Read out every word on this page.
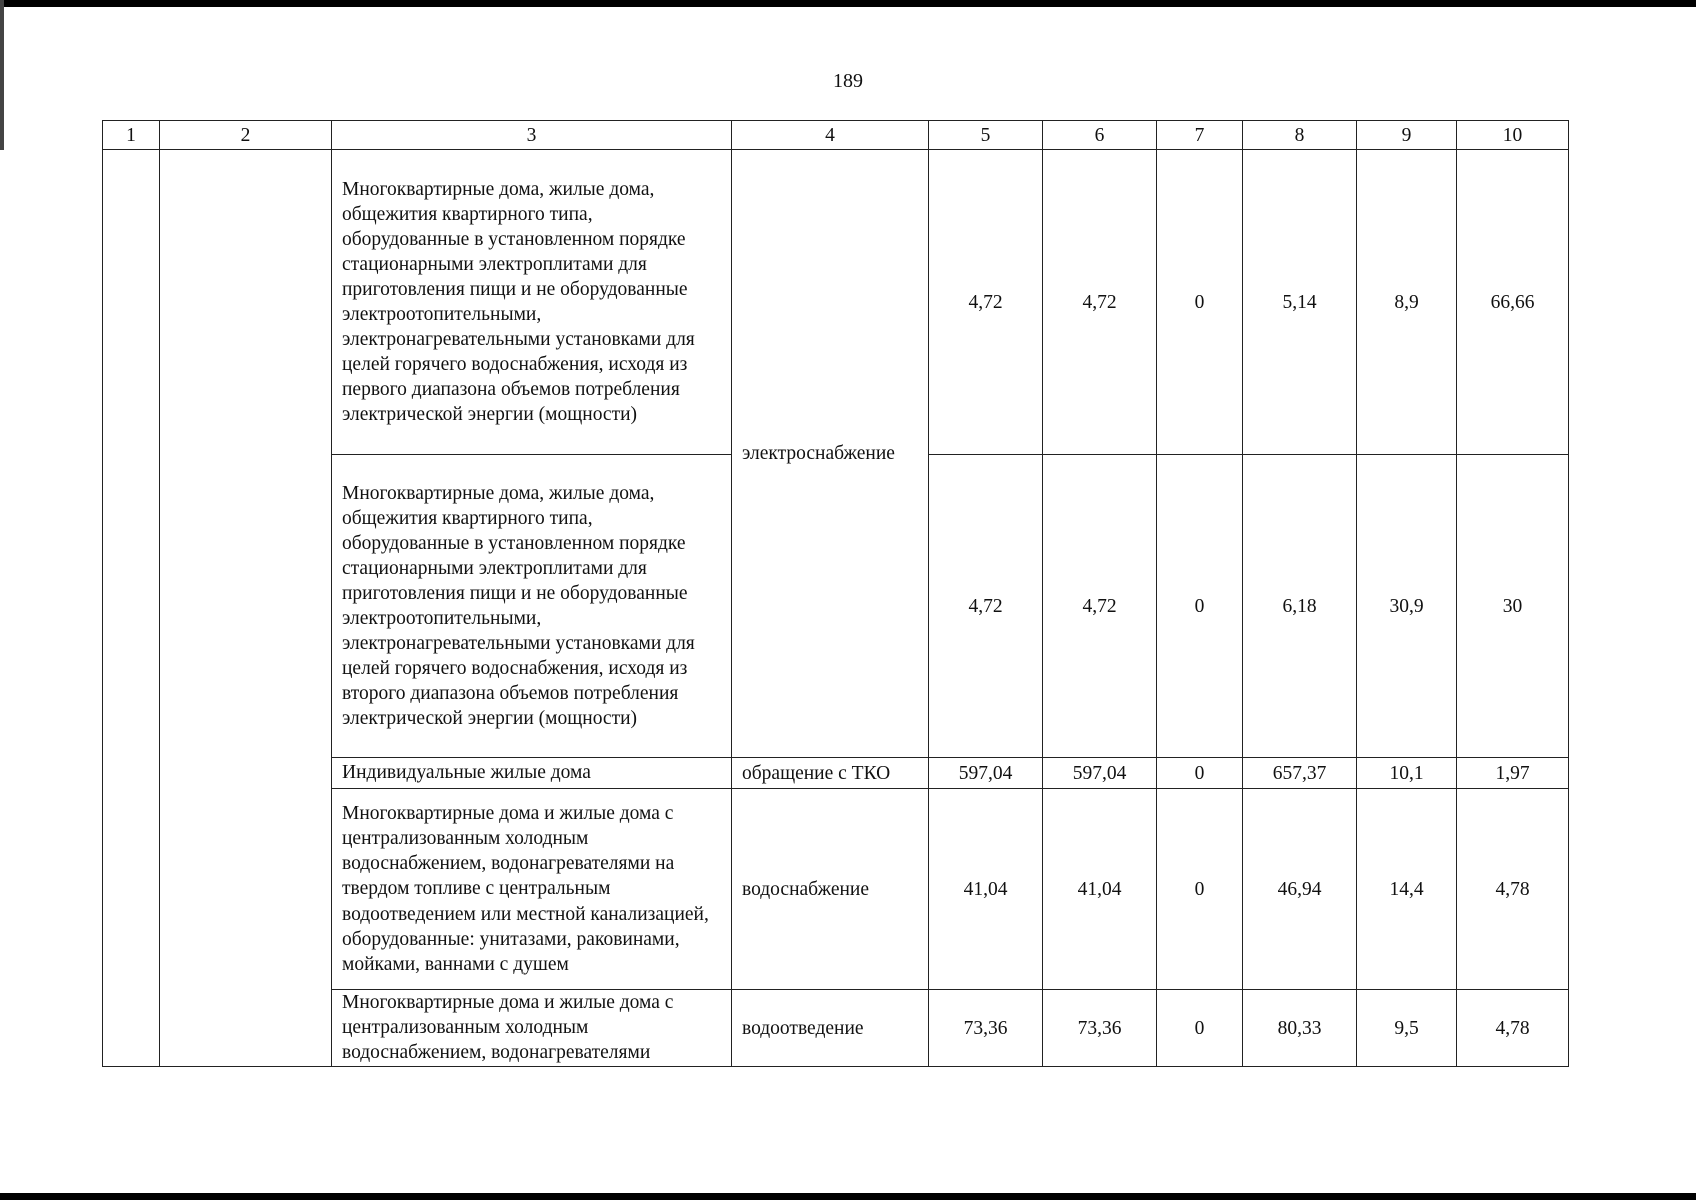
189
1	2	3	4	5	6	7	8	9	10
		Многоквартирные дома, жилые дома, общежития квартирного типа, оборудованные в установленном порядке стационарными электроплитами для приготовления пищи и не оборудованные электроотопительными, электронагревательными установками для целей горячего водоснабжения, исходя из первого диапазона объемов потребления электрической энергии (мощности)	электроснабжение	4,72	4,72	0	5,14	8,9	66,66
		Многоквартирные дома, жилые дома, общежития квартирного типа, оборудованные в установленном порядке стационарными электроплитами для приготовления пищи и не оборудованные электроотопительными, электронагревательными установками для целей горячего водоснабжения, исходя из второго диапазона объемов потребления электрической энергии (мощности)		4,72	4,72	0	6,18	30,9	30
		Индивидуальные жилые дома	обращение с ТКО	597,04	597,04	0	657,37	10,1	1,97
		Многоквартирные дома и жилые дома с централизованным холодным водоснабжением, водонагревателями на твердом топливе с центральным водоотведением или местной канализацией, оборудованные: унитазами, раковинами, мойками, ваннами с душем	водоснабжение	41,04	41,04	0	46,94	14,4	4,78
		Многоквартирные дома и жилые дома с централизованным холодным водоснабжением, водонагревателями	водоотведение	73,36	73,36	0	80,33	9,5	4,78
